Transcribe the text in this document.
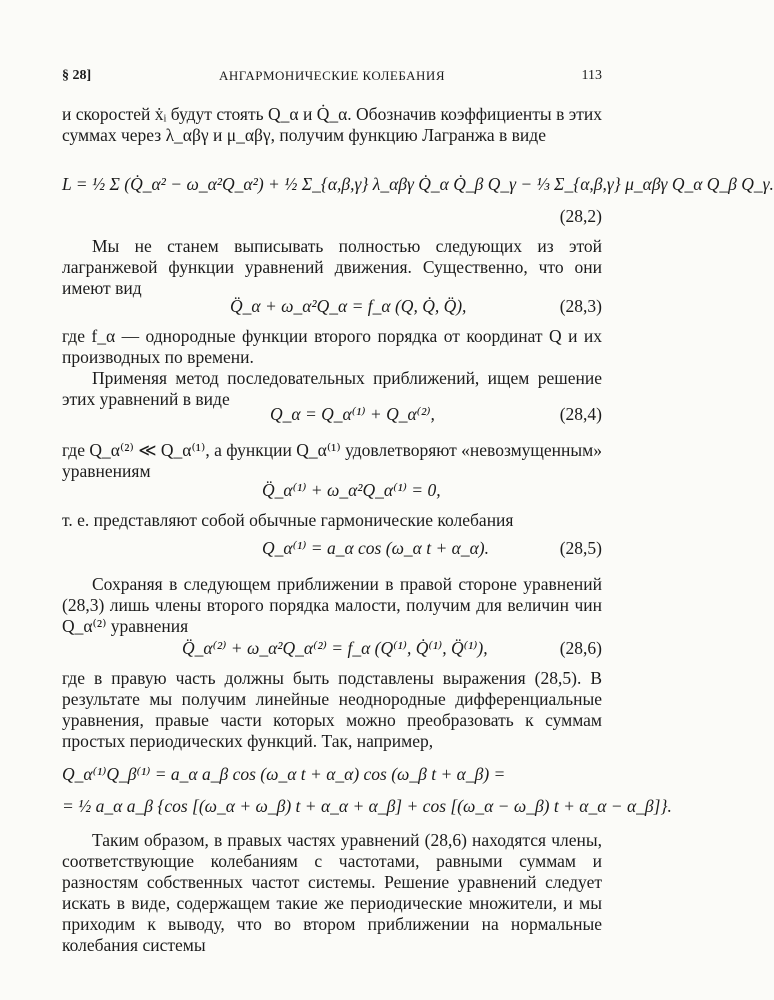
§ 28]	АНГАРМОНИЧЕСКИЕ КОЛЕБАНИЯ	113
и скоростей ẋᵢ будут стоять Q_α и Q̇_α. Обозначив коэффициенты в этих суммах через λ_αβγ и μ_αβγ, получим функцию Лагранжа в виде
L = ½ Σ (Q̇_α² − ω_α²Q_α²) + ½ Σ_{α,β,γ} λ_αβγ Q̇_α Q̇_β Q_γ − ⅓ Σ_{α,β,γ} μ_αβγ Q_α Q_β Q_γ.
(28,2)
Мы не станем выписывать полностью следующих из этой лагранжевой функции уравнений движения. Существенно, что они имеют вид
Q̈_α + ω_α²Q_α = f_α (Q, Q̇, Q̈),	(28,3)
где f_α — однородные функции второго порядка от координат Q и их производных по времени.
Применяя метод последовательных приближений, ищем решение этих уравнений в виде
Q_α = Q_α⁽¹⁾ + Q_α⁽²⁾,	(28,4)
где Q_α⁽²⁾ ≪ Q_α⁽¹⁾, а функции Q_α⁽¹⁾ удовлетворяют «невозмущенным» уравнениям
Q̈_α⁽¹⁾ + ω_α²Q_α⁽¹⁾ = 0,
т. е. представляют собой обычные гармонические колебания
Q_α⁽¹⁾ = a_α cos (ω_α t + α_α).	(28,5)
Сохраняя в следующем приближении в правой стороне уравнений (28,3) лишь члены второго порядка малости, получим для величин чин Q_α⁽²⁾ уравнения
Q̈_α⁽²⁾ + ω_α²Q_α⁽²⁾ = f_α (Q⁽¹⁾, Q̇⁽¹⁾, Q̈⁽¹⁾),	(28,6)
где в правую часть должны быть подставлены выражения (28,5). В результате мы получим линейные неоднородные дифференциальные уравнения, правые части которых можно преобразовать к суммам простых периодических функций. Так, например,
Q_α⁽¹⁾Q_β⁽¹⁾ = a_α a_β cos (ω_α t + α_α) cos (ω_β t + α_β) =
= ½ a_α a_β {cos [(ω_α + ω_β) t + α_α + α_β] + cos [(ω_α − ω_β) t + α_α − α_β]}.
Таким образом, в правых частях уравнений (28,6) находятся члены, соответствующие колебаниям с частотами, равными суммам и разностям собственных частот системы. Решение уравнений следует искать в виде, содержащем такие же периодические множители, и мы приходим к выводу, что во втором приближении на нормальные колебания системы
